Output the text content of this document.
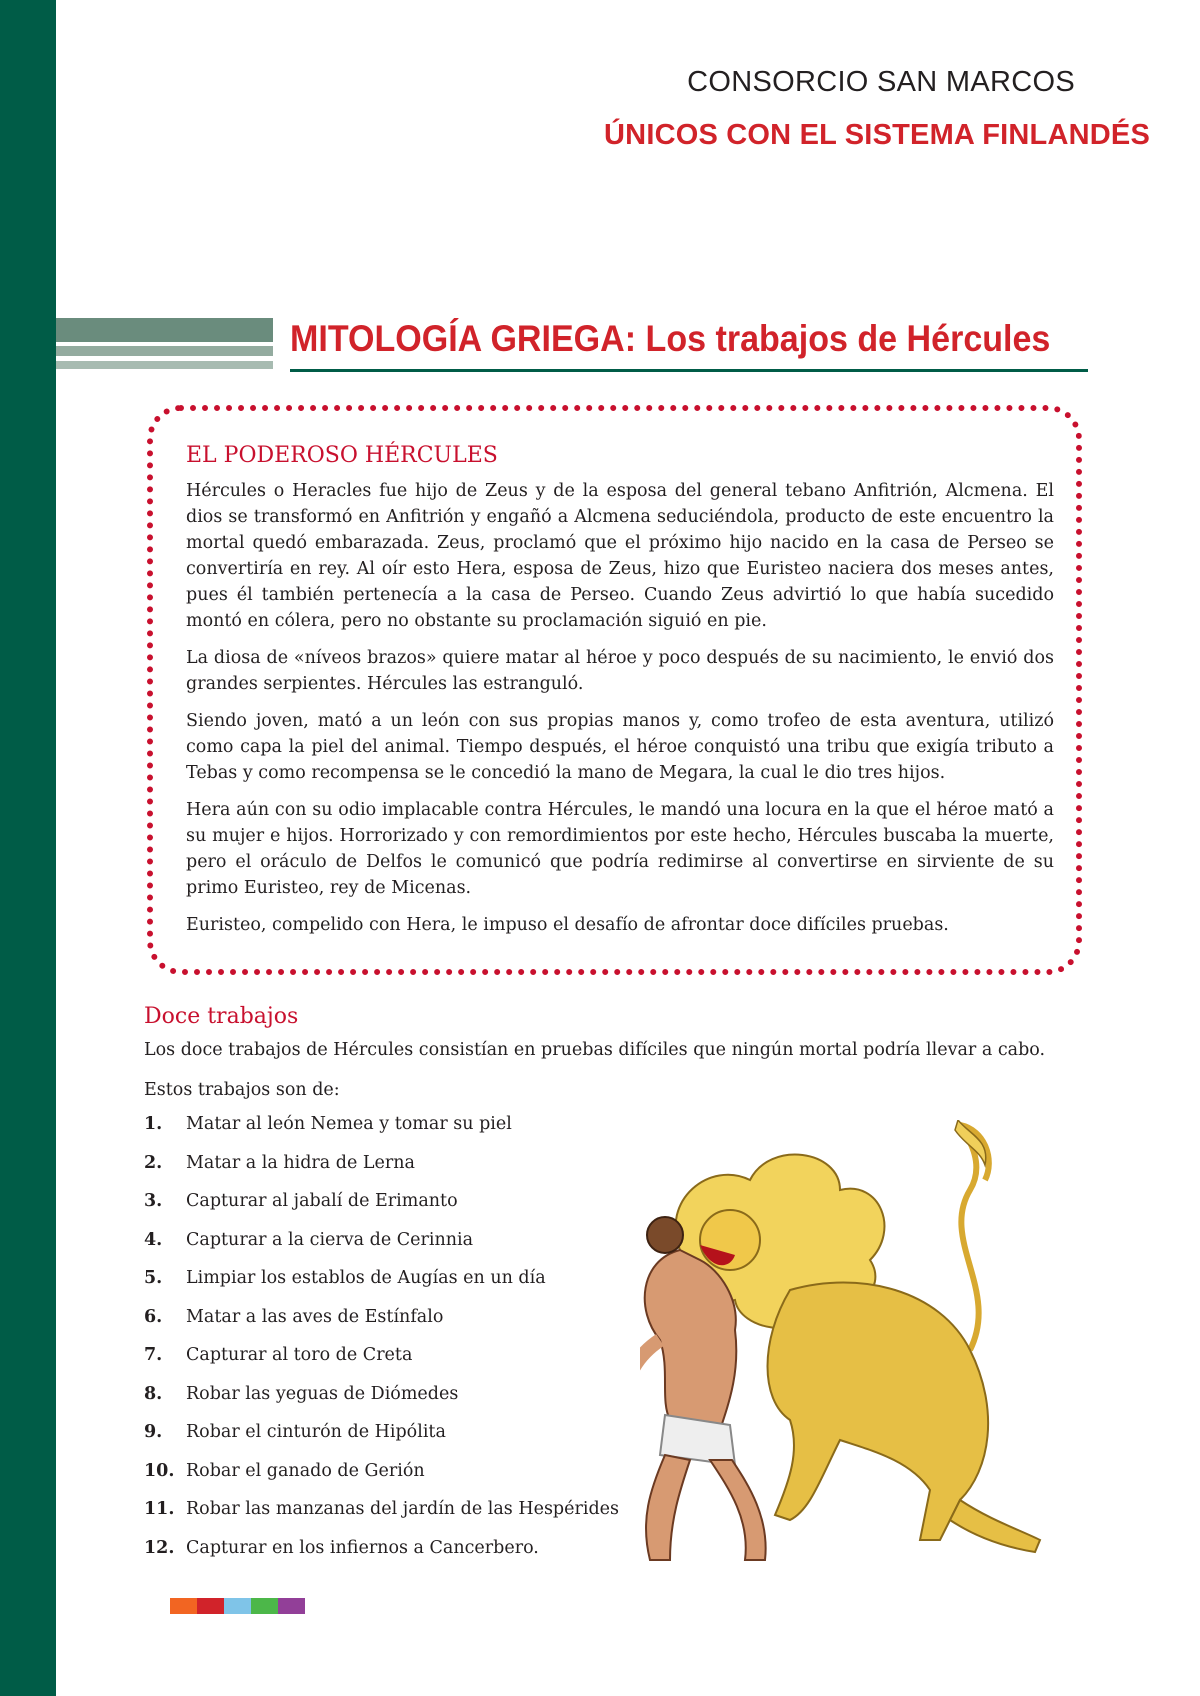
CONSORCIO SAN MARCOS
ÚNICOS CON EL SISTEMA FINLANDÉS
MITOLOGÍA GRIEGA: Los trabajos de Hércules
EL PODEROSO HÉRCULES

Hércules o Heracles fue hijo de Zeus y de la esposa del general tebano Anfitrión, Alcmena. El dios se transformó en Anfitrión y engañó a Alcmena seduciéndola, producto de este encuentro la mortal quedó embarazada. Zeus, proclamó que el próximo hijo nacido en la casa de Perseo se convertiría en rey. Al oír esto Hera, esposa de Zeus, hizo que Euristeo naciera dos meses antes, pues él también pertenecía a la casa de Perseo. Cuando Zeus advirtió lo que había sucedido montó en cólera, pero no obstante su proclamación siguió en pie.

La diosa de «níveos brazos» quiere matar al héroe y poco después de su nacimiento, le envió dos grandes serpientes. Hércules las estranguló.

Siendo joven, mató a un león con sus propias manos y, como trofeo de esta aventura, utilizó como capa la piel del animal. Tiempo después, el héroe conquistó una tribu que exigía tributo a Tebas y como recompensa se le concedió la mano de Megara, la cual le dio tres hijos.

Hera aún con su odio implacable contra Hércules, le mandó una locura en la que el héroe mató a su mujer e hijos. Horrorizado y con remordimientos por este hecho, Hércules buscaba la muerte, pero el oráculo de Delfos le comunicó que podría redimirse al convertirse en sirviente de su primo Euristeo, rey de Micenas.

Euristeo, compelido con Hera, le impuso el desafío de afrontar doce difíciles pruebas.

Doce trabajos
Los doce trabajos de Hércules consistían en pruebas difíciles que ningún mortal podría llevar a cabo.
Estos trabajos son de:
1.	Matar al león Nemea y tomar su piel
2.	Matar a la hidra de Lerna
3.	Capturar al jabalí de Erimanto
4.	Capturar a la cierva de Cerinnia
5.	Limpiar los establos de Augías en un día
6.	Matar a las aves de Estínfalo
7.	Capturar al toro de Creta
8.	Robar las yeguas de Diómedes
9.	Robar el cinturón de Hipólita
10. Robar el ganado de Gerión
11. Robar las manzanas del jardín de las Hespérides
12. Capturar en los infiernos a Cancerbero.
